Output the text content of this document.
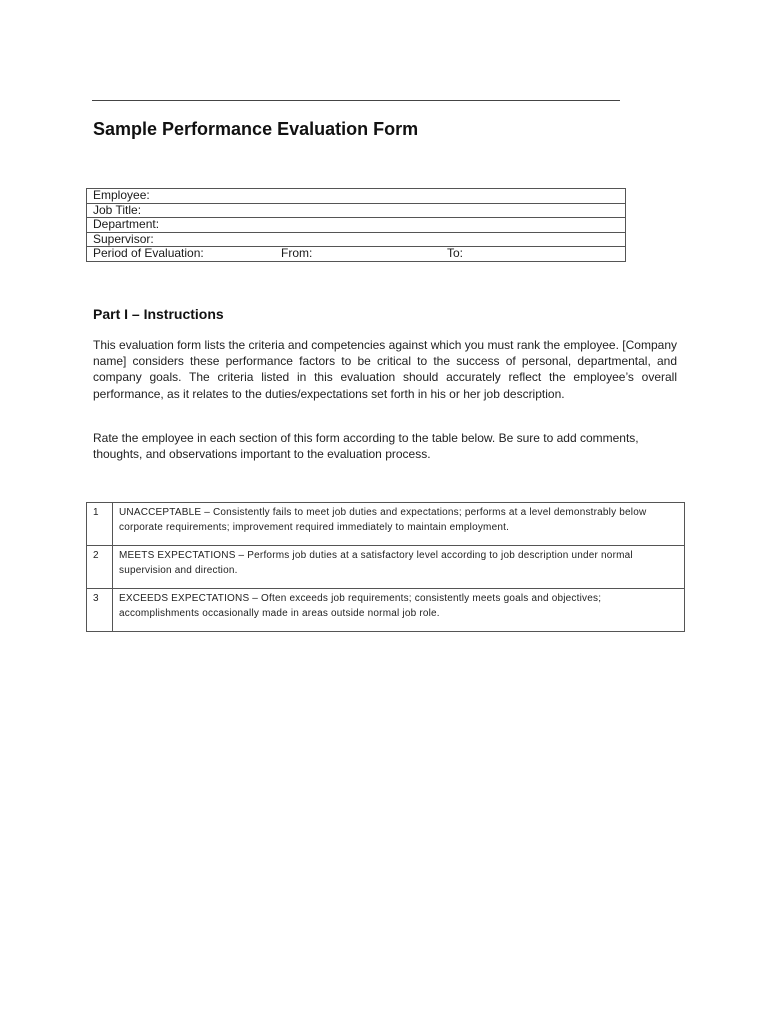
Sample Performance Evaluation Form
Employee:
Job Title:
Department:
Supervisor:
Period of Evaluation:	From:	To:
Part I – Instructions

This evaluation form lists the criteria and competencies against which you must rank the employee. [Company name] considers these performance factors to be critical to the success of personal, departmental, and company goals. The criteria listed in this evaluation should accurately reflect the employee’s overall performance, as it relates to the duties/expectations set forth in his or her job description.

Rate the employee in each section of this form according to the table below. Be sure to add comments, thoughts, and observations important to the evaluation process.

1	UNACCEPTABLE – Consistently fails to meet job duties and expectations; performs at a level demonstrably below corporate requirements; improvement required immediately to maintain employment.
2	MEETS EXPECTATIONS – Performs job duties at a satisfactory level according to job description under normal supervision and direction.
3	EXCEEDS EXPECTATIONS – Often exceeds job requirements; consistently meets goals and objectives; accomplishments occasionally made in areas outside normal job role.
